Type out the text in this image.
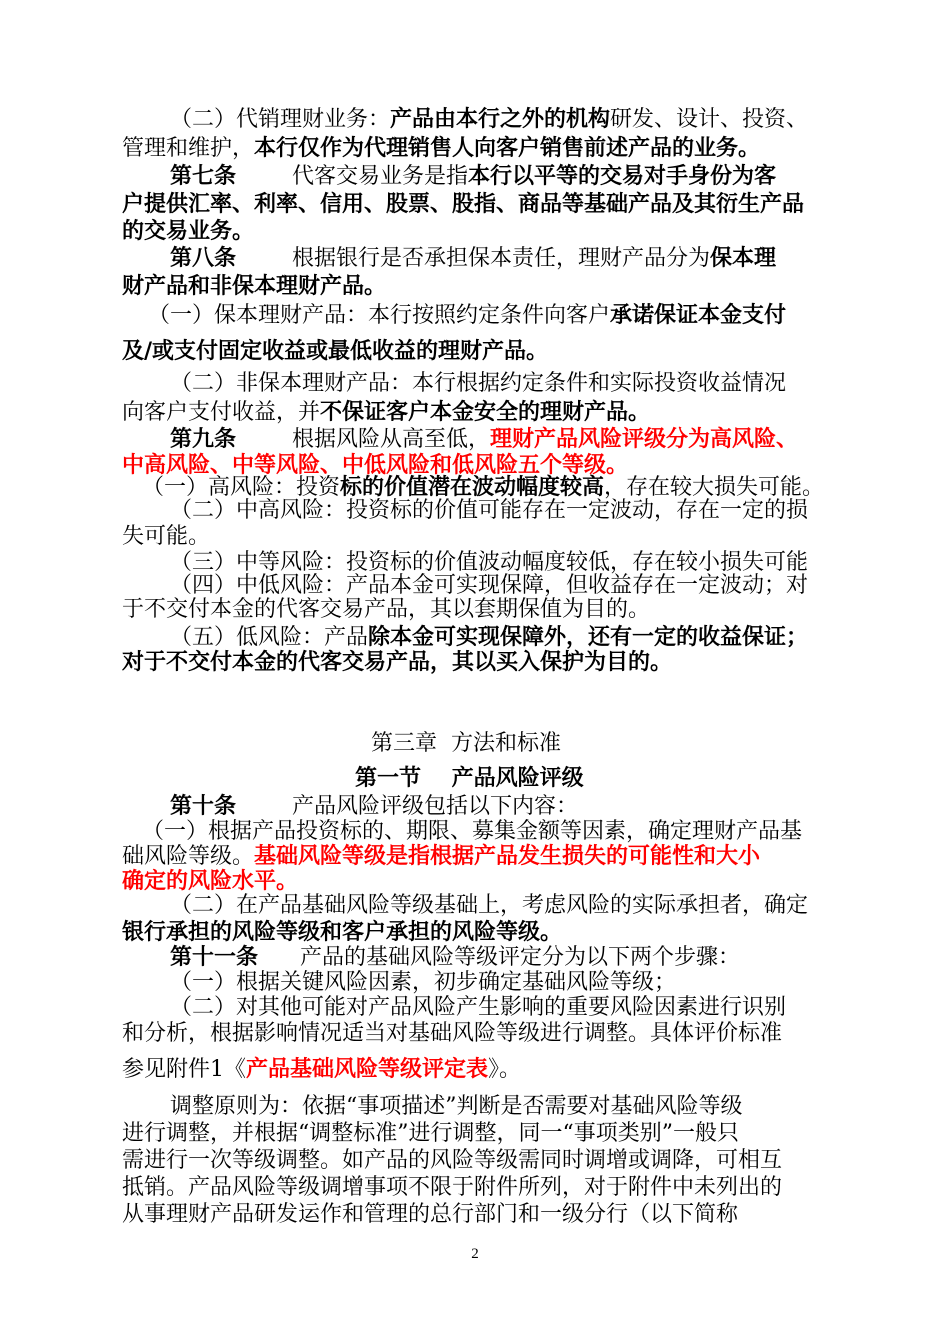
（二）代销理财业务：产品由本行之外的机构研发、设计、投资、
管理和维护，本行仅作为代理销售人向客户销售前述产品的业务。
第七条        代客交易业务是指本行以平等的交易对手身份为客
户提供汇率、利率、信用、股票、股指、商品等基础产品及其衍生产品
的交易业务。
第八条        根据银行是否承担保本责任，理财产品分为保本理
财产品和非保本理财产品。
（一）保本理财产品：本行按照约定条件向客户承诺保证本金支付
及/或支付固定收益或最低收益的理财产品。
（二）非保本理财产品：本行根据约定条件和实际投资收益情况
向客户支付收益，并不保证客户本金安全的理财产品。
第九条        根据风险从高至低，理财产品风险评级分为高风险、
中高风险、中等风险、中低风险和低风险五个等级。
（一）高风险：投资标的价值潜在波动幅度较高，存在较大损失可能。
（二）中高风险：投资标的价值可能存在一定波动，存在一定的损
失可能。
（三）中等风险：投资标的价值波动幅度较低，存在较小损失可能
（四）中低风险：产品本金可实现保障，但收益存在一定波动；对
于不交付本金的代客交易产品，其以套期保值为目的。
（五）低风险：产品除本金可实现保障外，还有一定的收益保证；
对于不交付本金的代客交易产品，其以买入保护为目的。
第三章  方法和标准
第一节    产品风险评级
第十条        产品风险评级包括以下内容：
（一）根据产品投资标的、期限、募集金额等因素，确定理财产品基
础风险等级。基础风险等级是指根据产品发生损失的可能性和大小
确定的风险水平。
（二）在产品基础风险等级基础上，考虑风险的实际承担者，确定
银行承担的风险等级和客户承担的风险等级。
第十一条      产品的基础风险等级评定分为以下两个步骤：
（一）根据关键风险因素，初步确定基础风险等级；
（二）对其他可能对产品风险产生影响的重要风险因素进行识别
和分析，根据影响情况适当对基础风险等级进行调整。具体评价标准
参见附件1《产品基础风险等级评定表》。
调整原则为：依据“事项描述”判断是否需要对基础风险等级
进行调整，并根据“调整标准”进行调整，同一“事项类别”一般只
需进行一次等级调整。如产品的风险等级需同时调增或调降，可相互
抵销。产品风险等级调增事项不限于附件所列，对于附件中未列出的
从事理财产品研发运作和管理的总行部门和一级分行（以下简称
2
